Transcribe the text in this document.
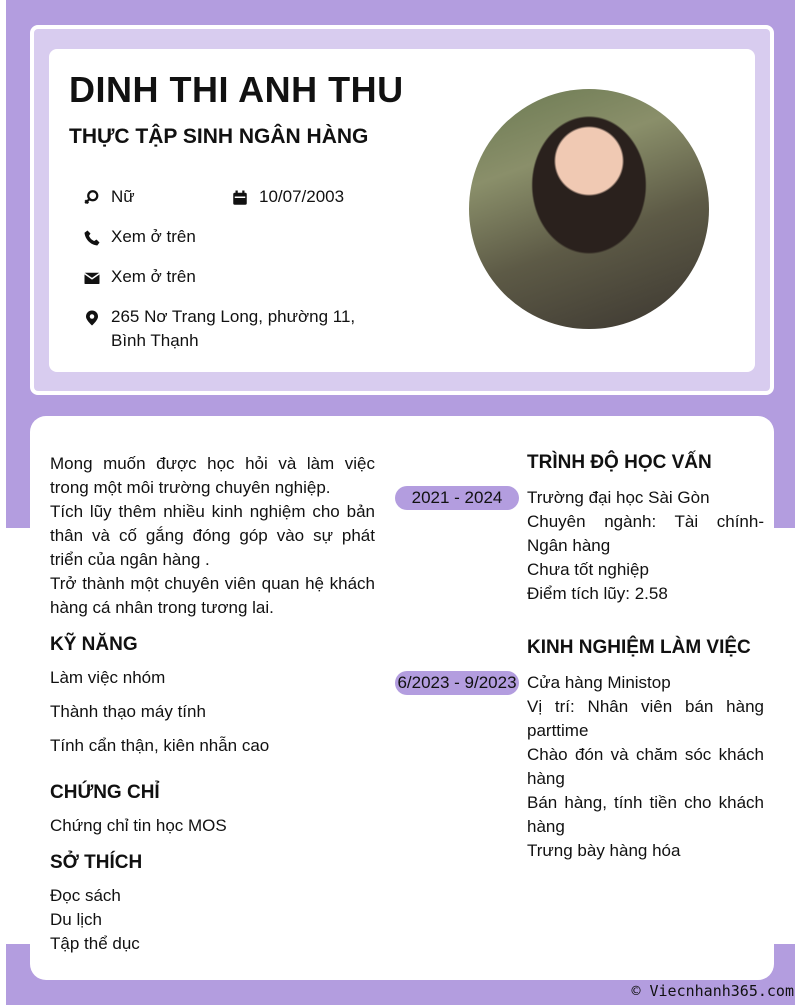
DINH THI ANH THU
THỰC TẬP SINH NGÂN HÀNG
Nữ	10/07/2003
Xem ở trên
Xem ở trên
265 Nơ Trang Long, phường 11, Bình Thạnh

Mong muốn được học hỏi và làm việc trong một môi trường chuyên nghiệp.

Tích lũy thêm nhiều kinh nghiệm cho bản thân và cố gắng đóng góp vào sự phát triển của ngân hàng .

Trở thành một chuyên viên quan hệ khách hàng cá nhân trong tương lai.

KỸ NĂNG
Làm việc nhóm
Thành thạo máy tính
Tính cẩn thận, kiên nhẫn cao
CHỨNG CHỈ
Chứng chỉ tin học MOS
SỞ THÍCH
Đọc sách
Du lịch
Tập thể dục
TRÌNH ĐỘ HỌC VẤN
2021 - 2024	Trường đại học Sài Gòn
Chuyên ngành: Tài chính- Ngân hàng
Chưa tốt nghiệp
Điểm tích lũy: 2.58
KINH NGHIỆM LÀM VIỆC
6/2023 - 9/2023 Cửa hàng Ministop
Vị trí: Nhân viên bán hàng parttime
Chào đón và chăm sóc khách hàng
Bán hàng, tính tiền cho khách hàng
Trưng bày hàng hóa
© Viecnhanh365.com
